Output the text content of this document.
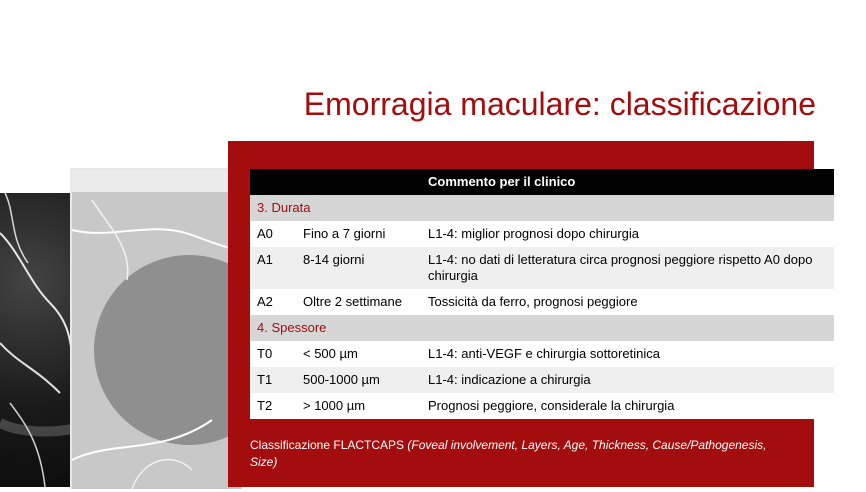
Emorragia maculare: classificazione
		Commento per il clinico
3. Durata		
A0	Fino a 7 giorni	L1-4: miglior prognosi dopo chirurgia
A1	8-14 giorni	L1-4: no dati di letteratura circa prognosi peggiore rispetto A0 dopo chirurgia
A2	Oltre 2 settimane	Tossicità da ferro, prognosi peggiore
4. Spessore		
T0	< 500 µm	L1-4: anti-VEGF e chirurgia sottoretinica
T1	500-1000 µm	L1-4: indicazione a chirurgia
T2	> 1000 µm	Prognosi peggiore, considerale la chirurgia
Classificazione FLACTCAPS (Foveal involvement, Layers, Age, Thickness, Cause/Pathogenesis, Size)
